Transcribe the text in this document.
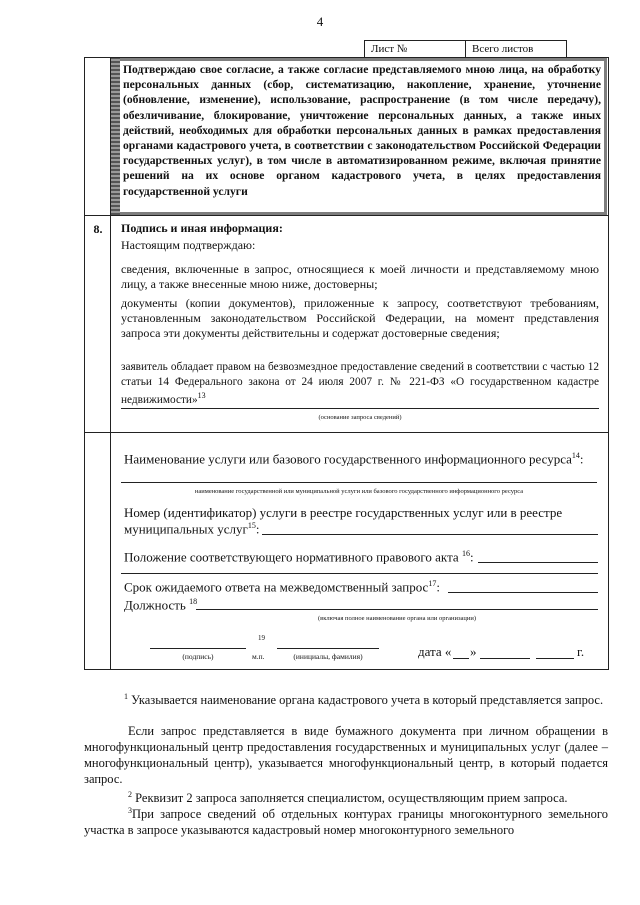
4
Лист №	Всего листов
Подтверждаю свое согласие, а также согласие представляемого мною лица, на обработку персональных данных (сбор, систематизацию, накопление, хранение, уточнение (обновление, изменение), использование, распространение (в том числе передачу), обезличивание, блокирование, уничтожение персональных данных, а также иных действий, необходимых для обработки персональных данных в рамках предоставления органами кадастрового учета, в соответствии с законодательством Российской Федерации государственных услуг), в том числе в автоматизированном режиме, включая принятие решений на их основе органом кадастрового учета, в целях предоставления государственной услуги
8.	Подпись и иная информация:
Настоящим подтверждаю:
сведения, включенные в запрос, относящиеся к моей личности и представляемому мною лицу, а также внесенные мною ниже, достоверны;
документы (копии документов), приложенные к запросу, соответствуют требованиям, установленным законодательством Российской Федерации, на момент представления запроса эти документы действительны и содержат достоверные сведения;
заявитель обладает правом на безвозмездное предоставление сведений в соответствии с частью 12 статьи 14 Федерального закона от 24 июля 2007 г. № 221-ФЗ «О государственном кадастре недвижимости»$^{13}$
(основание запроса сведений)
Наименование услуги или базового государственного информационного ресурса$^{14}$:
наименование государственной или муниципальной услуги или базового государственного информационного ресурса
Номер (идентификатор) услуги в реестре государственных услуг или в реестре
муниципальных услуг$^{15}$:
Положение соответствующего нормативного правового акта $^{16}$:
Срок ожидаемого ответа на межведомственный запрос$^{17}$:
Должность $^{18}$
(включая полное наименование органа или организации)
19
(подпись)	м.п.	(инициалы, фамилия)	дата « »	г.
$^1$ Указывается наименование органа кадастрового учета в который представляется запрос.
Если запрос представляется в виде бумажного документа при личном обращении в многофункциональный центр предоставления государственных и муниципальных услуг (далее – многофункциональный центр), указывается многофункциональный центр, в который подается запрос.
$^2$ Реквизит 2 запроса заполняется специалистом, осуществляющим прием запроса.
$^3$При запросе сведений об отдельных контурах границы многоконтурного земельного участка в запросе указываются кадастровый номер многоконтурного земельного
